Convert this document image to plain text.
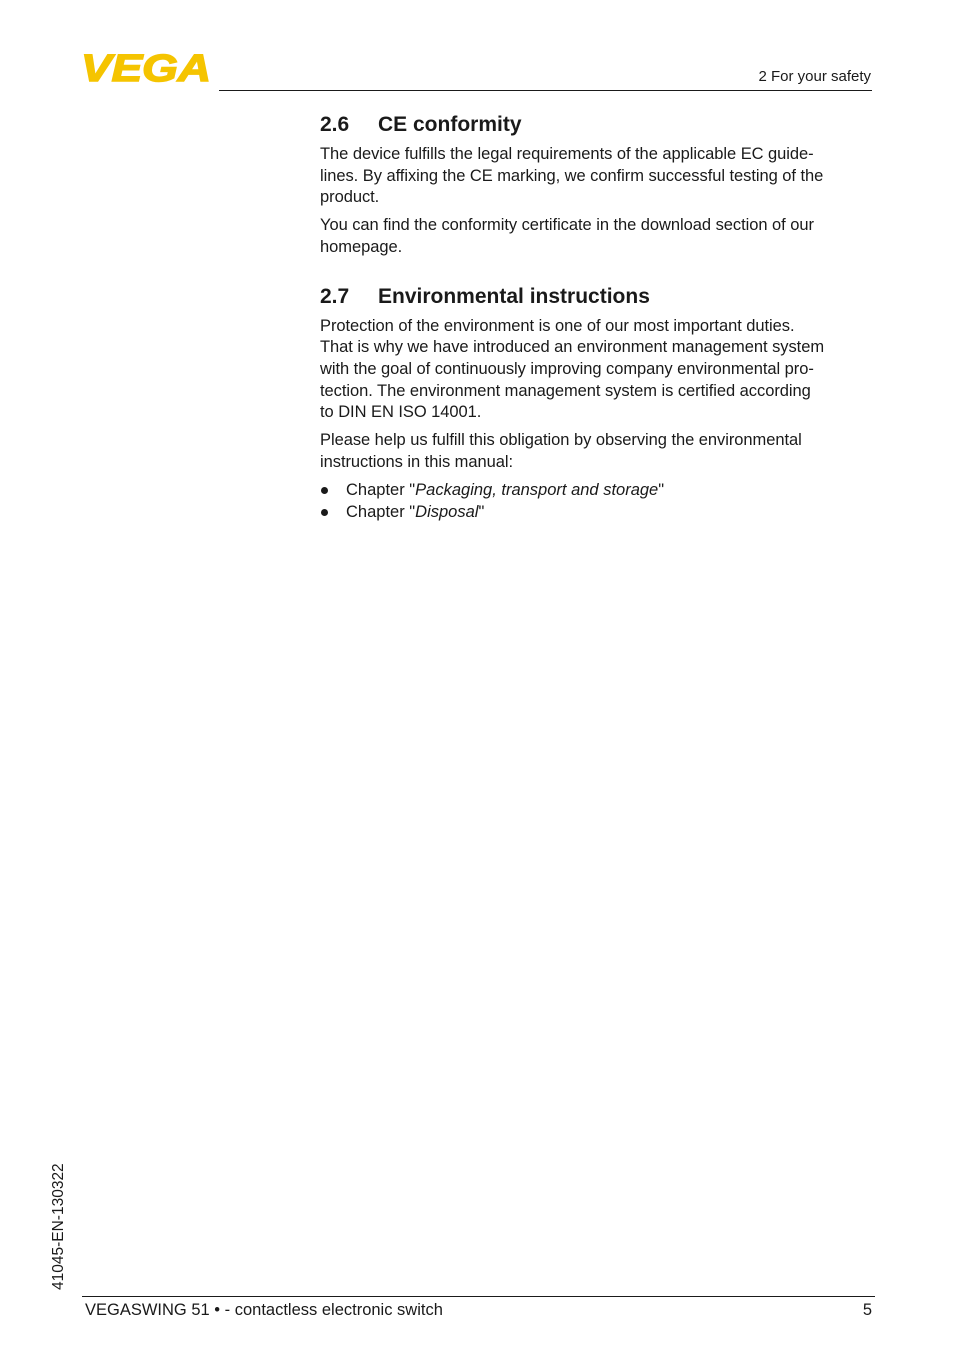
VEGA	2 For your safety
2.6	CE conformity

The device fulfills the legal requirements of the applicable EC guide-
lines. By affixing the CE marking, we confirm successful testing of the
product.

You can find the conformity certificate in the download section of our
homepage.

2.7	Environmental instructions

Protection of the environment is one of our most important duties.
That is why we have introduced an environment management system
with the goal of continuously improving company environmental pro-
tection. The environment management system is certified according
to DIN EN ISO 14001.

Please help us fulfill this obligation by observing the environmental
instructions in this manual:

Chapter "Packaging, transport and storage"
Chapter "Disposal"
41045-EN-130322
VEGASWING 51 • - contactless electronic switch	5
